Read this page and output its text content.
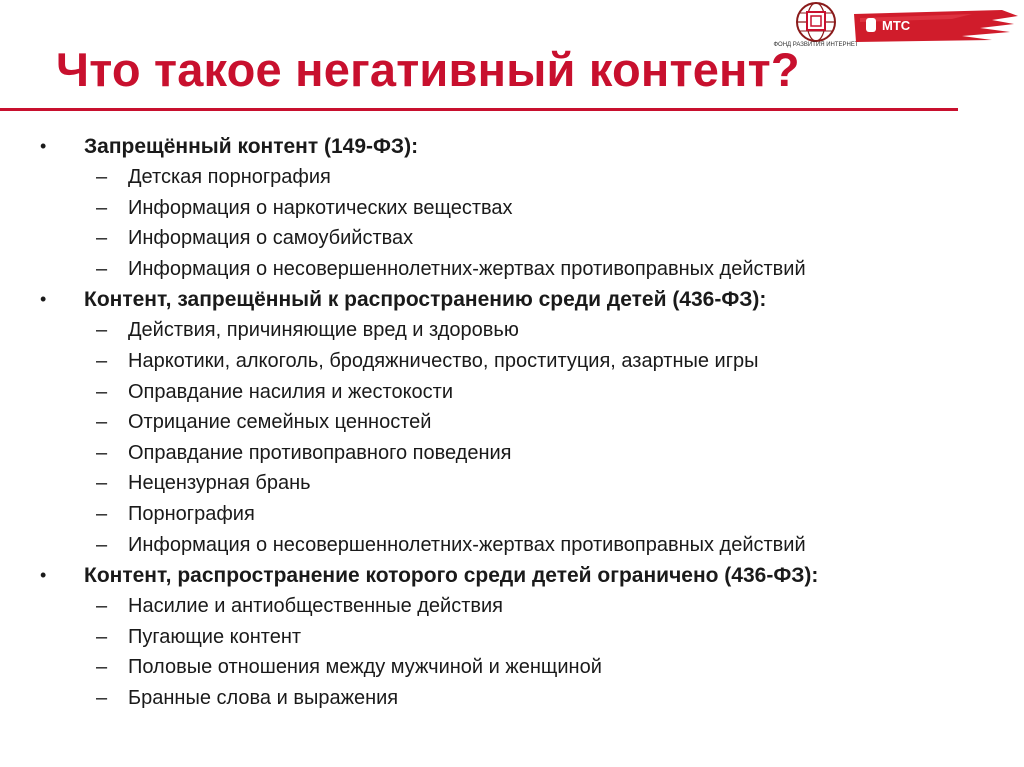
ФОНД РАЗВИТИЯ ИНТЕРНЕТ
МТС
Что такое негативный контент?
•	Запрещённый контент (149-ФЗ):
–	Детская порнография
–	Информация о наркотических веществах
–	Информация о самоубийствах
–	Информация о несовершеннолетних-жертвах противоправных действий
•	Контент, запрещённый к распространению среди детей (436-ФЗ):
–	Действия, причиняющие вред и здоровью
–	Наркотики, алкоголь, бродяжничество, проституция, азартные игры
–	Оправдание насилия и жестокости
–	Отрицание семейных ценностей
–	Оправдание противоправного поведения
–	Нецензурная брань
–	Порнография
–	Информация о несовершеннолетних-жертвах противоправных действий
•	Контент, распространение которого среди детей ограничено (436-ФЗ):
–	Насилие и антиобщественные действия
–	Пугающие контент
–	Половые отношения между мужчиной и женщиной
–	Бранные слова и выражения
